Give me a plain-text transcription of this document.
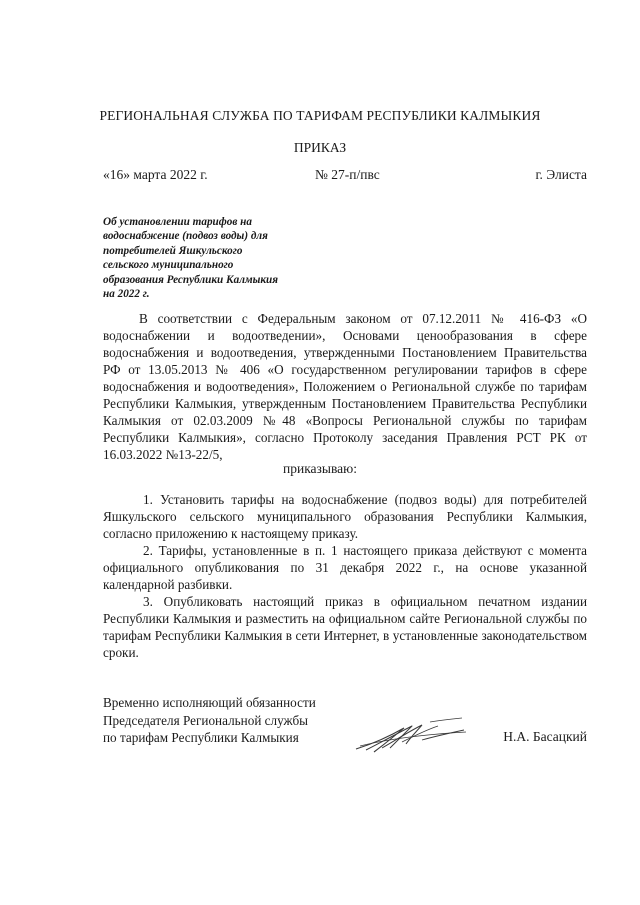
РЕГИОНАЛЬНАЯ СЛУЖБА ПО ТАРИФАМ РЕСПУБЛИКИ КАЛМЫКИЯ
ПРИКАЗ
«16» марта 2022 г.	№ 27-п/пвс	г. Элиста
Об установлении тарифов на
водоснабжение (подвоз воды) для
потребителей Яшкульского
сельского муниципального
образования Республики Калмыкия
на 2022 г.

В соответствии с Федеральным законом от 07.12.2011 № 416-ФЗ «О водоснабжении и водоотведении», Основами ценообразования в сфере водоснабжения и водоотведения, утвержденными Постановлением Правительства РФ от 13.05.2013 № 406 «О государственном регулировании тарифов в сфере водоснабжения и водоотведения», Положением о Региональной службе по тарифам Республики Калмыкия, утвержденным Постановлением Правительства Республики Калмыкия от 02.03.2009 №48 «Вопросы Региональной службы по тарифам Республики Калмыкия», согласно Протоколу заседания Правления РСТ РК от 16.03.2022 №13-22/5,

приказываю:

1. Установить тарифы на водоснабжение (подвоз воды) для потребителей Яшкульского сельского муниципального образования Республики Калмыкия, согласно приложению к настоящему приказу.

2. Тарифы, установленные в п. 1 настоящего приказа действуют с момента официального опубликования по 31 декабря 2022 г., на основе указанной календарной разбивки.

3. Опубликовать настоящий приказ в официальном печатном издании Республики Калмыкия и разместить на официальном сайте Региональной службы по тарифам Республики Калмыкия в сети Интернет, в установленные законодательством сроки.

Временно исполняющий обязанности
Председателя Региональной службы
по тарифам Республики Калмыкия	Н.А. Басацкий
